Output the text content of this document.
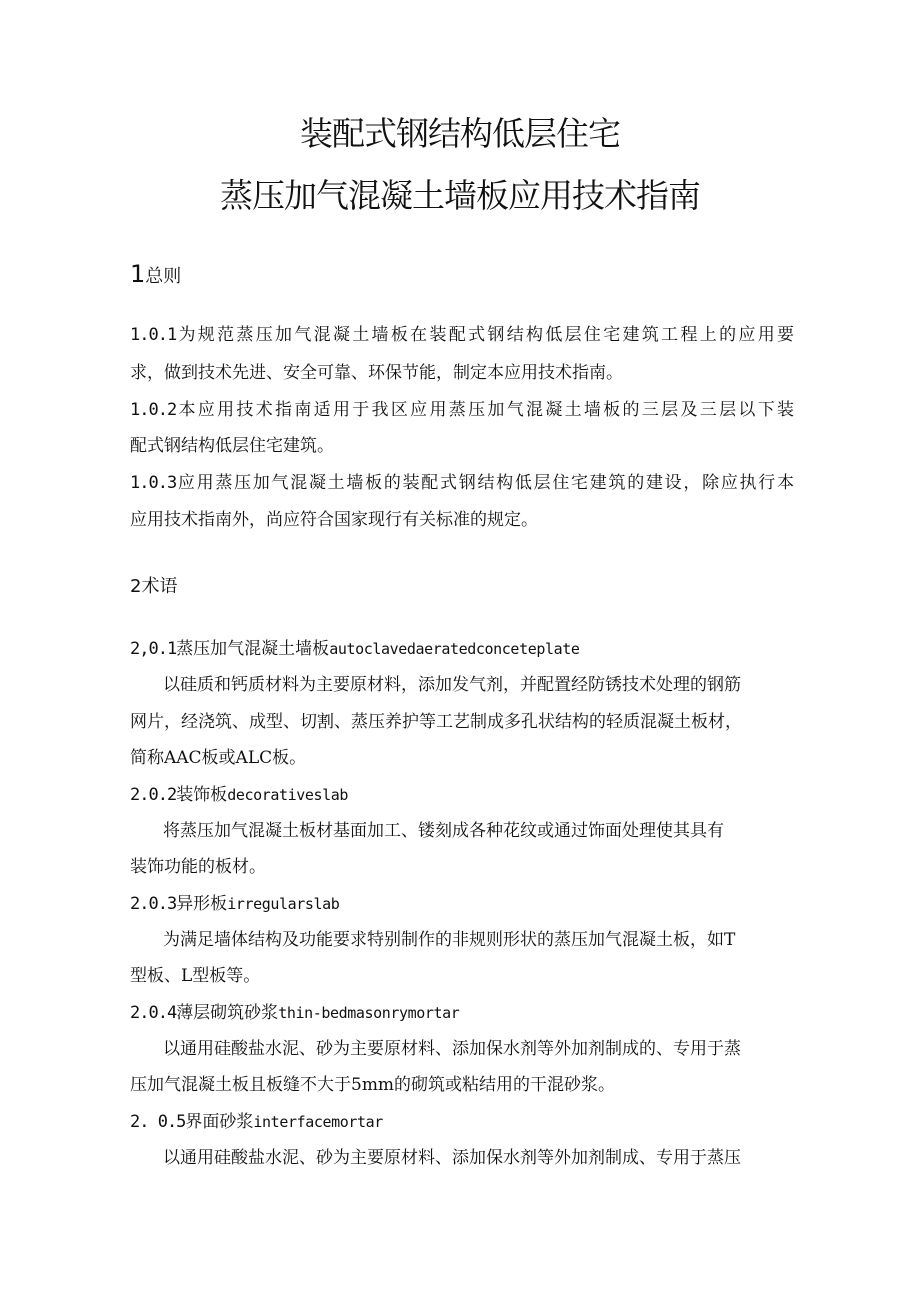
装配式钢结构低层住宅
蒸压加气混凝土墙板应用技术指南
1总则
1.0.1为规范蒸压加气混凝土墙板在装配式钢结构低层住宅建筑工程上的应用要
求，做到技术先进、安全可靠、环保节能，制定本应用技术指南。
1.0.2本应用技术指南适用于我区应用蒸压加气混凝土墙板的三层及三层以下装
配式钢结构低层住宅建筑。
1.0.3应用蒸压加气混凝土墙板的装配式钢结构低层住宅建筑的建设，除应执行本
应用技术指南外，尚应符合国家现行有关标准的规定。
2术语
2,0.1蒸压加气混凝土墙板autoclavedaeratedconceteplate
以硅质和钙质材料为主要原材料，添加发气剂，并配置经防锈技术处理的钢筋
网片，经浇筑、成型、切割、蒸压养护等工艺制成多孔状结构的轻质混凝土板材，
简称AAC板或ALC板。
2.0.2装饰板decorativeslab
将蒸压加气混凝土板材基面加工、镂刻成各种花纹或通过饰面处理使其具有
装饰功能的板材。
2.0.3异形板irregularslab
为满足墙体结构及功能要求特别制作的非规则形状的蒸压加气混凝土板，如T
型板、L型板等。
2.0.4薄层砌筑砂浆thin-bedmasonrymortar
以通用硅酸盐水泥、砂为主要原材料、添加保水剂等外加剂制成的、专用于蒸
压加气混凝土板且板缝不大于5mm的砌筑或粘结用的干混砂浆。
2. 0.5界面砂浆interfacemortar
以通用硅酸盐水泥、砂为主要原材料、添加保水剂等外加剂制成、专用于蒸压
